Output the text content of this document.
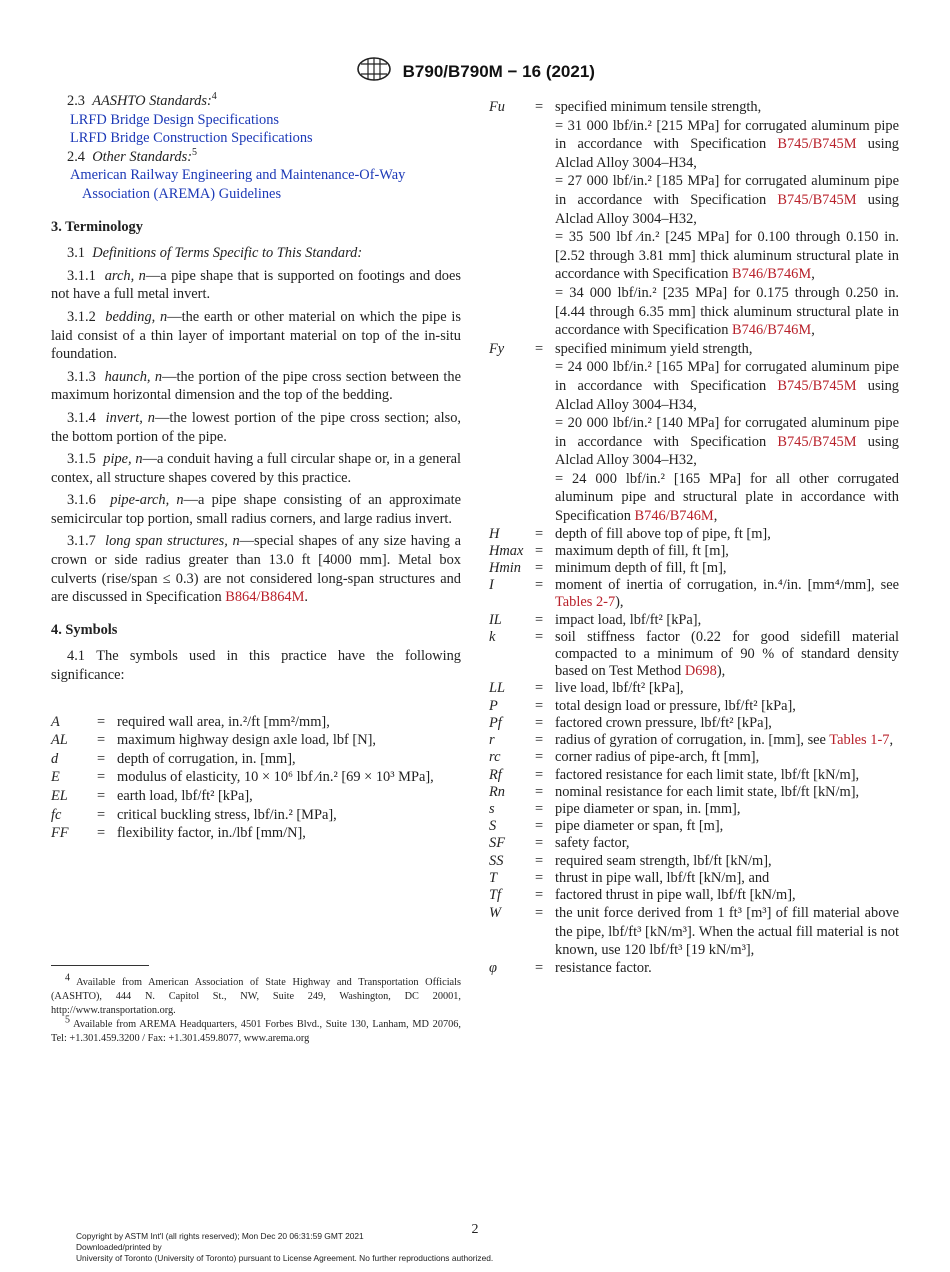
B790/B790M − 16 (2021)
2.3 AASHTO Standards:$^4$
LRFD Bridge Design Specifications
LRFD Bridge Construction Specifications
2.4 Other Standards:$^5$
American Railway Engineering and Maintenance-Of-Way
Association (AREMA) Guidelines
3. Terminology

3.1 Definitions of Terms Specific to This Standard:

3.1.1 arch, n—a pipe shape that is supported on footings and does not have a full metal invert.

3.1.2 bedding, n—the earth or other material on which the pipe is laid consist of a thin layer of important material on top of the in-situ foundation.

3.1.3 haunch, n—the portion of the pipe cross section between the maximum horizontal dimension and the top of the bedding.

3.1.4 invert, n—the lowest portion of the pipe cross section; also, the bottom portion of the pipe.

3.1.5 pipe, n—a conduit having a full circular shape or, in a general contex, all structure shapes covered by this practice.

3.1.6 pipe-arch, n—a pipe shape consisting of an approximate semicircular top portion, small radius corners, and large radius invert.

3.1.7 long span structures, n—special shapes of any size having a crown or side radius greater than 13.0 ft [4000 mm]. Metal box culverts (rise/span ≤ 0.3) are not considered long-span structures and are discussed in Specification B864/B864M.

4. Symbols

4.1 The symbols used in this practice have the following significance:

A	= required wall area, in.²/ft [mm²/mm],
AL	= maximum highway design axle load, lbf [N],
d	= depth of corrugation, in. [mm],
E	= modulus of elasticity, 10 × 10⁶ lbf ⁄in.² [69 × 10³ MPa],
EL	= earth load, lbf/ft² [kPa],
fc	= critical buckling stress, lbf/in.² [MPa],
FF	= flexibility factor, in./lbf [mm/N],

$^4$ Available from American Association of State Highway and Transportation Officials (AASHTO), 444 N. Capitol St., NW, Suite 249, Washington, DC 20001, http://www.transportation.org.

$^5$ Available from AREMA Headquarters, 4501 Forbes Blvd., Suite 130, Lanham, MD 20706, Tel: +1.301.459.3200 / Fax: +1.301.459.8077, www.arema.org

Fu	= specified minimum tensile strength,
= 31 000 lbf/in.² [215 MPa] for corrugated aluminum pipe in accordance with Specification B745/B745M using Alclad Alloy 3004–H34,
= 27 000 lbf/in.² [185 MPa] for corrugated aluminum pipe in accordance with Specification B745/B745M using Alclad Alloy 3004–H32,
= 35 500 lbf ⁄in.² [245 MPa] for 0.100 through 0.150 in. [2.52 through 3.81 mm] thick aluminum structural plate in accordance with Specification B746/B746M,
= 34 000 lbf/in.² [235 MPa] for 0.175 through 0.250 in. [4.44 through 6.35 mm] thick aluminum structural plate in accordance with Specification B746/B746M,
Fy	= specified minimum yield strength,
= 24 000 lbf/in.² [165 MPa] for corrugated aluminum pipe in accordance with Specification B745/B745M using Alclad Alloy 3004–H34,
= 20 000 lbf/in.² [140 MPa] for corrugated aluminum pipe in accordance with Specification B745/B745M using Alclad Alloy 3004–H32,
= 24 000 lbf/in.² [165 MPa] for all other corrugated aluminum pipe and structural plate in accordance with Specification B746/B746M,
H	= depth of fill above top of pipe, ft [m],
Hmax = maximum depth of fill, ft [m],
Hmin = minimum depth of fill, ft [m],
I	= moment of inertia of corrugation, in.⁴/in. [mm⁴/mm], see Tables 2-7),
IL	= impact load, lbf/ft² [kPa],
k	= soil stiffness factor (0.22 for good sidefill material compacted to a minimum of 90 % of standard density based on Test Method D698),
LL	= live load, lbf/ft² [kPa],
P	= total design load or pressure, lbf/ft² [kPa],
Pf	= factored crown pressure, lbf/ft² [kPa],
r	= radius of gyration of corrugation, in. [mm], see Tables 1-7,
rc	= corner radius of pipe-arch, ft [mm],
Rf	= factored resistance for each limit state, lbf/ft [kN/m],
Rn	= nominal resistance for each limit state, lbf/ft [kN/m],
s	= pipe diameter or span, in. [mm],
S	= pipe diameter or span, ft [m],
SF	= safety factor,
SS	= required seam strength, lbf/ft [kN/m],
T	= thrust in pipe wall, lbf/ft [kN/m], and
Tf	= factored thrust in pipe wall, lbf/ft [kN/m],
W	= the unit force derived from 1 ft³ [m³] of fill material above the pipe, lbf/ft³ [kN/m³]. When the actual fill material is not known, use 120 lbf/ft³ [19 kN/m³],
φ	= resistance factor.
2
Copyright by ASTM Int'l (all rights reserved); Mon Dec 20 06:31:59 GMT 2021
Downloaded/printed by
University of Toronto (University of Toronto) pursuant to License Agreement. No further reproductions authorized.
